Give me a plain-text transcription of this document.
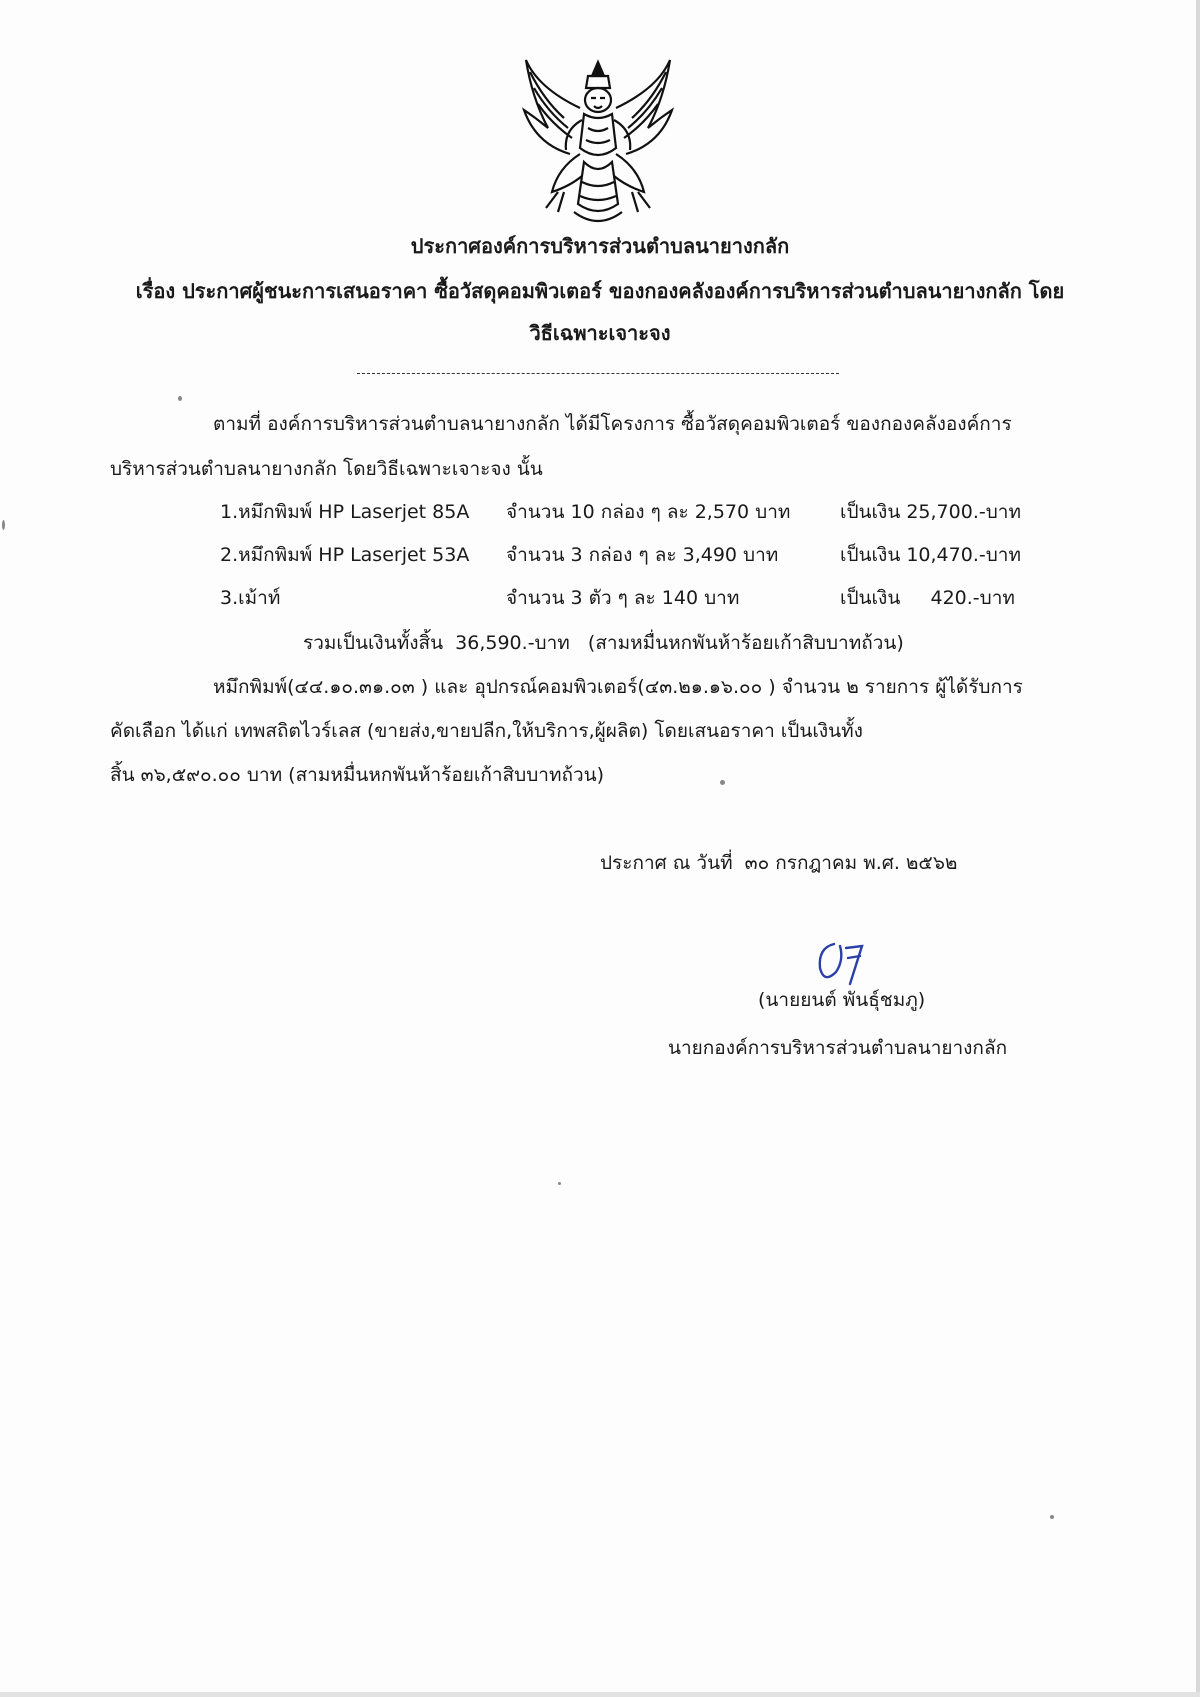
ประกาศองค์การบริหารส่วนตำบลนายางกลัก
เรื่อง ประกาศผู้ชนะการเสนอราคา ซื้อวัสดุคอมพิวเตอร์ ของกองคลังองค์การบริหารส่วนตำบลนายางกลัก โดย
วิธีเฉพาะเจาะจง
ตามที่ องค์การบริหารส่วนตำบลนายางกลัก ได้มีโครงการ ซื้อวัสดุคอมพิวเตอร์ ของกองคลังองค์การ
บริหารส่วนตำบลนายางกลัก โดยวิธีเฉพาะเจาะจง นั้น
1.หมึกพิมพ์ HP Laserjet 85A จำนวน 10 กล่อง ๆ ละ 2,570 บาท	เป็นเงิน 25,700.-บาท
2.หมึกพิมพ์ HP Laserjet 53A จำนวน 3 กล่อง ๆ ละ 3,490 บาท	เป็นเงิน 10,470.-บาท
3.เม้าท์	จำนวน 3 ตัว ๆ ละ 140 บาท	เป็นเงิน     420.-บาท
รวมเป็นเงินทั้งสิ้น  36,590.-บาท   (สามหมื่นหกพันห้าร้อยเก้าสิบบาทถ้วน)
หมึกพิมพ์(๔๔.๑๐.๓๑.๐๓ ) และ อุปกรณ์คอมพิวเตอร์(๔๓.๒๑.๑๖.๐๐ ) จำนวน ๒ รายการ ผู้ได้รับการ
คัดเลือก ได้แก่ เทพสถิตไวร์เลส (ขายส่ง,ขายปลีก,ให้บริการ,ผู้ผลิต) โดยเสนอราคา เป็นเงินทั้ง
สิ้น ๓๖,๕๙๐.๐๐ บาท (สามหมื่นหกพันห้าร้อยเก้าสิบบาทถ้วน)
ประกาศ ณ วันที่  ๓๐ กรกฎาคม พ.ศ. ๒๕๖๒
(นายยนต์ พันธุ์ชมภู)
นายกองค์การบริหารส่วนตำบลนายางกลัก
